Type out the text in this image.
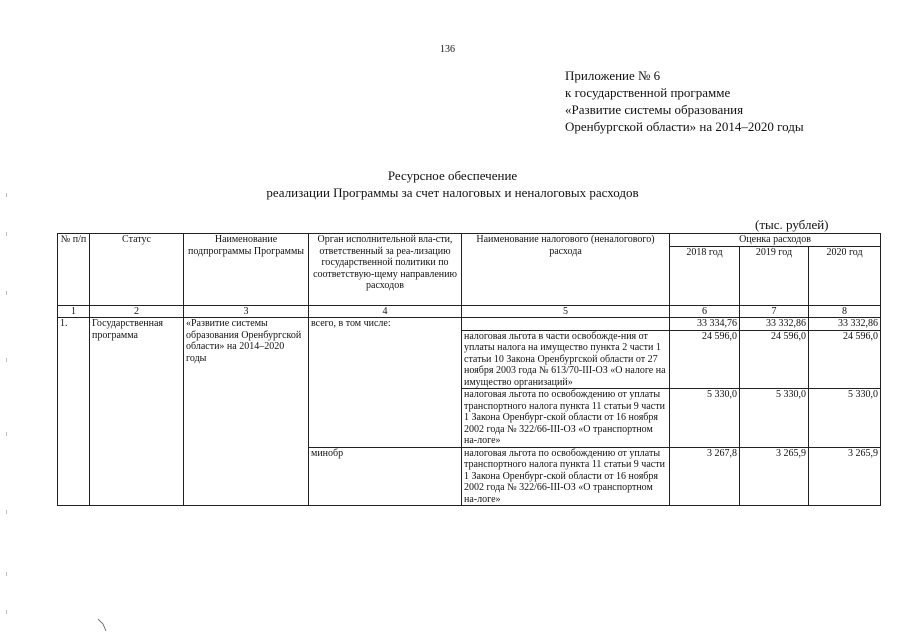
136
Приложение № 6
к государственной программе
«Развитие системы образования
Оренбургской области» на 2014–2020 годы
Ресурсное обеспечение
реализации Программы за счет налоговых и неналоговых расходов
(тыс. рублей)
№ п/п	Статус	Наименование подпрограммы Программы	Орган исполнительной вла-сти, ответственный за реа-лизацию государственной политики по соответствую-щему направлению расходов	Наименование налогового (неналогового) расхода	Оценка расходов		
					2018 год	2019 год	2020 год
1	2	3	4	5	6	7	8
1.	Государственная программа	«Развитие системы образования Оренбургской области» на 2014–2020 годы	всего, в том числе:		33 334,76	33 332,86	33 332,86
				налоговая льгота в части освобожде-ния от уплаты налога на имущество пункта 2 части 1 статьи 10 Закона Оренбургской области от 27 ноября 2003 года № 613/70-III-ОЗ «О налоге на имущество организаций»	24 596,0	24 596,0	24 596,0
				налоговая льгота по освобождению от уплаты транспортного налога пункта 11 статьи 9 части 1 Закона Оренбург-ской области от 16 ноября 2002 года № 322/66-III-ОЗ «О транспортном на-логе»	5 330,0	5 330,0	5 330,0
			минобр	налоговая льгота по освобождению от уплаты транспортного налога пункта 11 статьи 9 части 1 Закона Оренбург-ской области от 16 ноября 2002 года № 322/66-III-ОЗ «О транспортном на-логе»	3 267,8	3 265,9	3 265,9
